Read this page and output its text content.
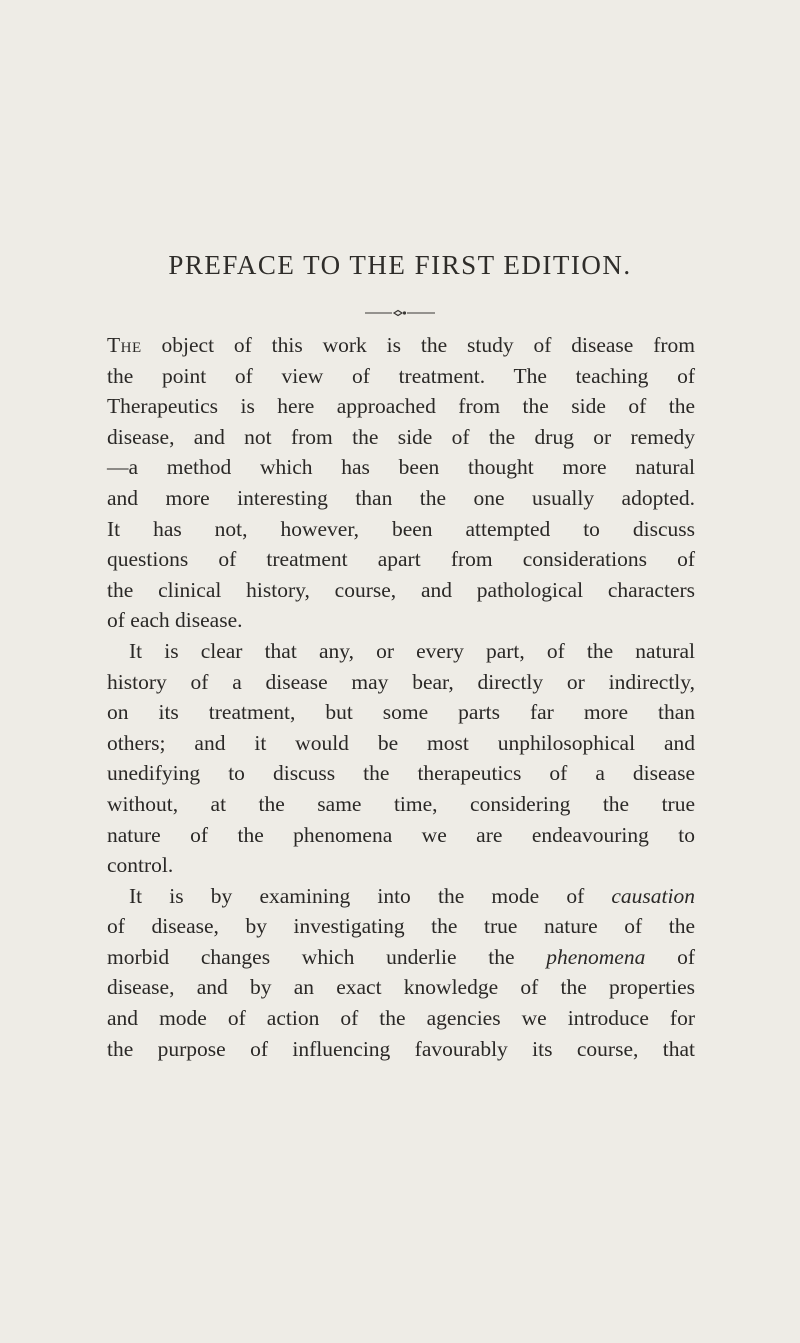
PREFACE TO THE FIRST EDITION.
The object of this work is the study of disease from
the point of view of treatment. The teaching of
Therapeutics is here approached from the side of the
disease, and not from the side of the drug or remedy
—a method which has been thought more natural
and more interesting than the one usually adopted.
It has not, however, been attempted to discuss
questions of treatment apart from considerations of
the clinical history, course, and pathological characters
of each disease.
It is clear that any, or every part, of the natural
history of a disease may bear, directly or indirectly,
on its treatment, but some parts far more than
others; and it would be most unphilosophical and
unedifying to discuss the therapeutics of a disease
without, at the same time, considering the true
nature of the phenomena we are endeavouring to
control.
It is by examining into the mode of causation
of disease, by investigating the true nature of the
morbid changes which underlie the phenomena of
disease, and by an exact knowledge of the properties
and mode of action of the agencies we introduce for
the purpose of influencing favourably its course, that
